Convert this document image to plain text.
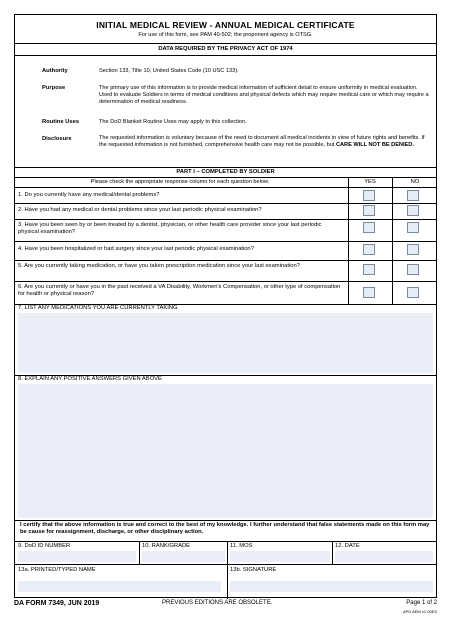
INITIAL MEDICAL REVIEW - ANNUAL MEDICAL CERTIFICATE
For use of this form, see PAM 40-502; the proponent agency is OTSG.
DATA REQUIRED BY THE PRIVACY ACT OF 1974
Authority	Section 133, Title 10, United States Code (10 USC 133).
Purpose	The primary use of this information is to provide medical information of sufficient detail to ensure uniformity in medical evaluation. Used to evaluate Soldiers in terms of medical conditions and physical defects which may require medical care or which may require a determination of medical readiness.
Routine Uses	The DoD Blanket Routine Uses may apply to this collection.
Disclosure	The requested information is voluntary because of the need to document all medical incidents in view of future rights and benefits. If the requested information is not furnished, comprehensive health care may not be possible, but CARE WILL NOT BE DENIED.
PART I – COMPLETED BY SOLDIER
Please check the appropriate response column for each question below.	YES	NO
1. Do you currently have any medical/dental problems?
2. Have you had any medical or dental problems since your last periodic physical examination?
3. Have you been seen by or been treated by a dentist, physician, or other health care provider since your last periodic physical examination?
4. Have you been hospitalized or had surgery since your last periodic physical examination?
5. Are you currently taking medication, or have you taken prescription medication since your last examination?
6. Are you currently or have you in the past received a VA Disability, Workmen's Compensation, or other type of compensation for health or physical reason?
7. LIST ANY MEDICATIONS YOU ARE CURRENTLY TAKING
8. EXPLAIN ANY POSITIVE ANSWERS GIVEN ABOVE
I certify that the above information is true and correct to the best of my knowledge. I further understand that false statements made on this form may be cause for reassignment, discharge, or other disciplinary action.
9. DoD ID NUMBER	10. RANK/GRADE	11. MOS	12. DATE
13a. PRINTED/TYPED NAME	13b. SIGNATURE
DA FORM 7349, JUN 2019	PREVIOUS EDITIONS ARE OBSOLETE.	Page 1 of 2
APD AEM v1.00ES
